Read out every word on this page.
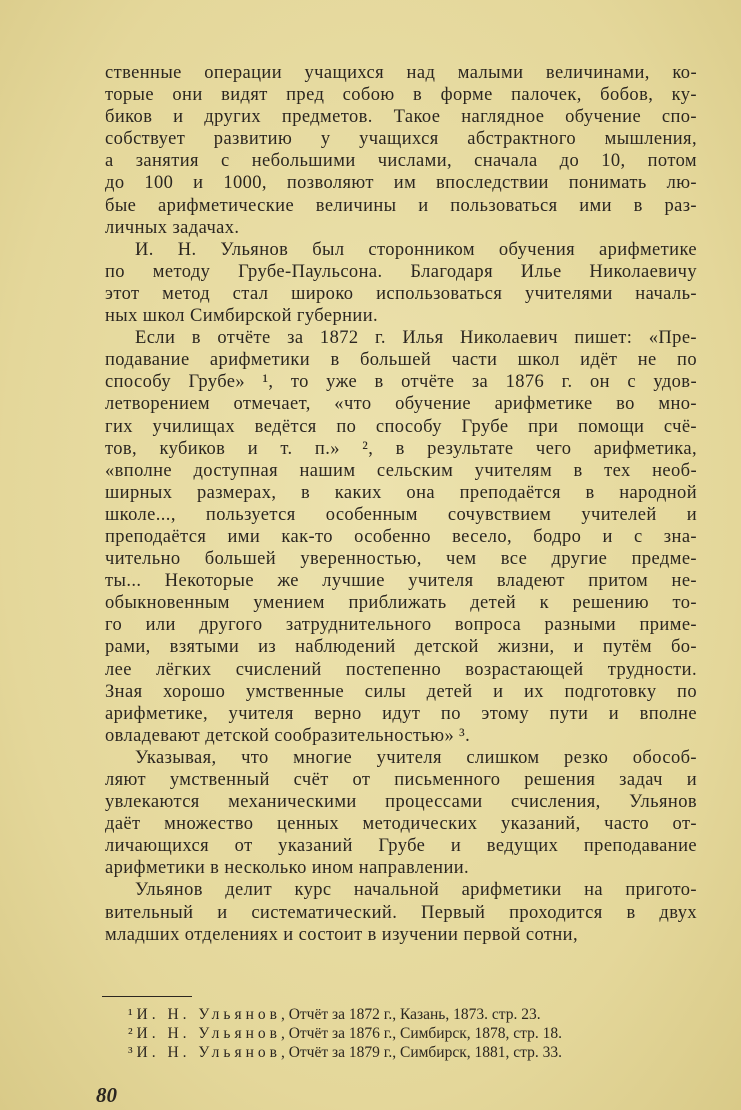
ственные операции учащихся над малыми величинами, ко-
торые они видят пред собою в форме палочек, бобов, ку-
биков и других предметов. Такое наглядное обучение спо-
собствует развитию у учащихся абстрактного мышления,
а занятия с небольшими числами, сначала до 10, потом
до 100 и 1000, позволяют им впоследствии понимать лю-
бые арифметические величины и пользоваться ими в раз-
личных задачах.
И. Н. Ульянов был сторонником обучения арифметике
по методу Грубе-Паульсона. Благодаря Илье Николаевичу
этот метод стал широко использоваться учителями началь-
ных школ Симбирской губернии.
Если в отчёте за 1872 г. Илья Николаевич пишет: «Пре-
подавание арифметики в большей части школ идёт не по
способу Грубе» ¹, то уже в отчёте за 1876 г. он с удов-
летворением отмечает, «что обучение арифметике во мно-
гих училищах ведётся по способу Грубе при помощи счё-
тов, кубиков и т. п.» ², в результате чего арифметика,
«вполне доступная нашим сельским учителям в тех необ-
ширных размерах, в каких она преподаётся в народной
школе..., пользуется особенным сочувствием учителей и
преподаётся ими как-то особенно весело, бодро и с зна-
чительно большей уверенностью, чем все другие предме-
ты... Некоторые же лучшие учителя владеют притом не-
обыкновенным умением приближать детей к решению то-
го или другого затруднительного вопроса разными приме-
рами, взятыми из наблюдений детской жизни, и путём бо-
лее лёгких счислений постепенно возрастающей трудности.
Зная хорошо умственные силы детей и их подготовку по
арифметике, учителя верно идут по этому пути и вполне
овладевают детской сообразительностью» ³.
Указывая, что многие учителя слишком резко обособ-
ляют умственный счёт от письменного решения задач и
увлекаются механическими процессами счисления, Ульянов
даёт множество ценных методических указаний, часто от-
личающихся от указаний Грубе и ведущих преподавание
арифметики в несколько ином направлении.
Ульянов делит курс начальной арифметики на пригото-
вительный и систематический. Первый проходится в двух
младших отделениях и состоит в изучении первой сотни,
¹ И. Н. Ульянов, Отчёт за 1872 г., Казань, 1873. стр. 23.
² И. Н. Ульянов, Отчёт за 1876 г., Симбирск, 1878, стр. 18.
³ И. Н. Ульянов, Отчёт за 1879 г., Симбирск, 1881, стр. 33.
80
